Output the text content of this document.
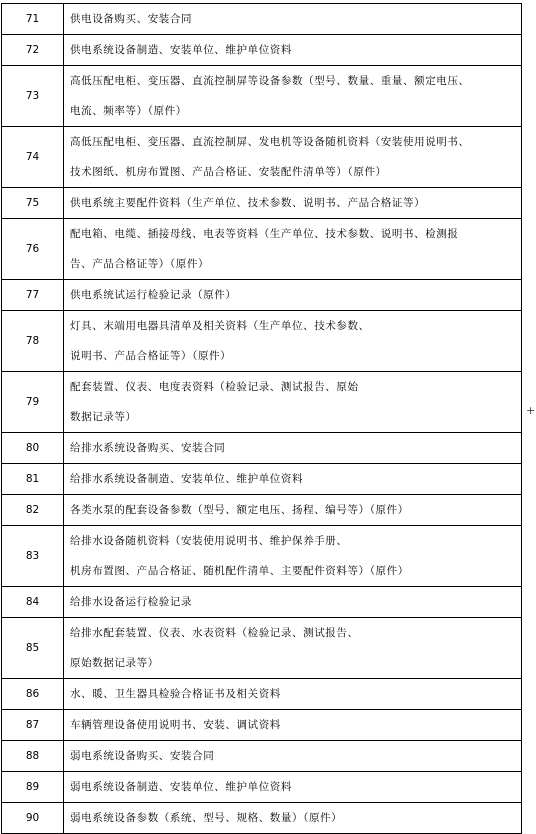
71	供电设备购买、安装合同

72	供电系统设备制造、安装单位、维护单位资料

73	高低压配电柜、变压器、直流控制屏等设备参数（型号、数量、重量、额定电压、
电流、频率等）（原件）

74	高低压配电柜、变压器、直流控制屏、发电机等设备随机资料（安装使用说明书、
技术图纸、机房布置图、产品合格证、安装配件清单等）（原件）

75	供电系统主要配件资料（生产单位、技术参数、说明书、产品合格证等）

76	配电箱、电缆、插接母线、电表等资料（生产单位、技术参数、说明书、检测报
告、产品合格证等）（原件）

77	供电系统试运行检验记录（原件）

78	灯具、末端用电器具清单及相关资料（生产单位、技术参数、
说明书、产品合格证等）（原件）

79	配套装置、仪表、电度表资料（检验记录、测试报告、原始
数据记录等）

80	给排水系统设备购买、安装合同

81	给排水系统设备制造、安装单位、维护单位资料

82	各类水泵的配套设备参数（型号、额定电压、扬程、编号等）（原件）

83	给排水设备随机资料（安装使用说明书、维护保养手册、
机房布置图、产品合格证、随机配件清单、主要配件资料等）（原件）

84	给排水设备运行检验记录

85	给排水配套装置、仪表、水表资料（检验记录、测试报告、
原始数据记录等）

86	水、暖、卫生器具检验合格证书及相关资料

87	车辆管理设备使用说明书、安装、调试资料

88	弱电系统设备购买、安装合同

89	弱电系统设备制造、安装单位、维护单位资料

90	弱电系统设备参数（系统、型号、规格、数量）（原件）
+
